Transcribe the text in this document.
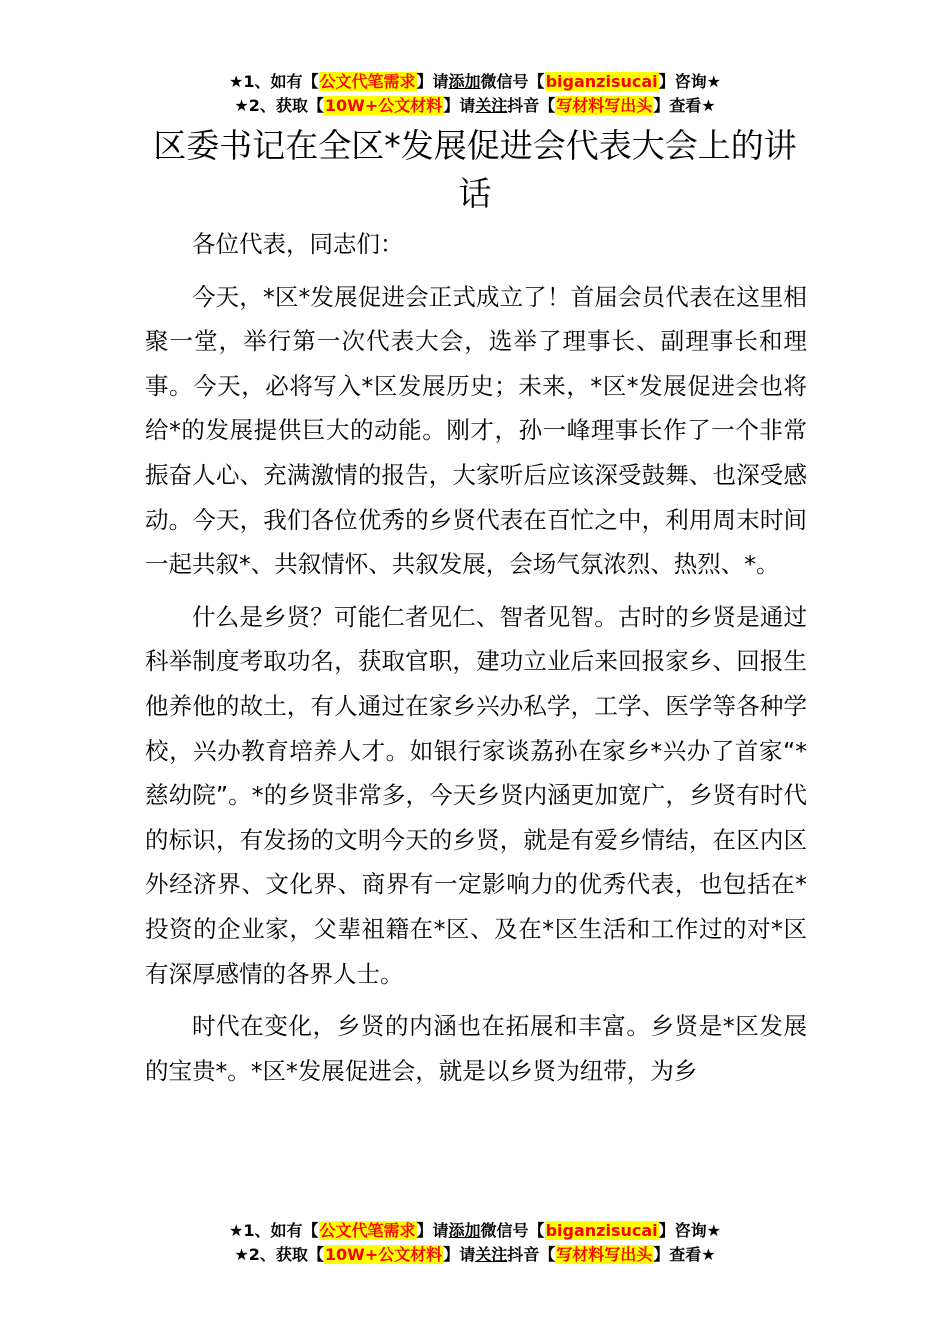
★1、如有【公文代笔需求】请添加微信号【biganzisucai】咨询★
★2、获取【10W+公文材料】请关注抖音【写材料写出头】查看★
区委书记在全区*发展促进会代表大会上的讲话

各位代表，同志们：

今天，*区*发展促进会正式成立了！首届会员代表在这里相聚一堂，举行第一次代表大会，选举了理事长、副理事长和理事。今天，必将写入*区发展历史；未来，*区*发展促进会也将给*的发展提供巨大的动能。刚才，孙一峰理事长作了一个非常振奋人心、充满激情的报告，大家听后应该深受鼓舞、也深受感动。今天，我们各位优秀的乡贤代表在百忙之中，利用周末时间一起共叙*、共叙情怀、共叙发展，会场气氛浓烈、热烈、*。

什么是乡贤？可能仁者见仁、智者见智。古时的乡贤是通过科举制度考取功名，获取官职，建功立业后来回报家乡、回报生他养他的故土，有人通过在家乡兴办私学，工学、医学等各种学校，兴办教育培养人才。如银行家谈荔孙在家乡*兴办了首家“*慈幼院”。*的乡贤非常多，今天乡贤内涵更加宽广，乡贤有时代的标识，有发扬的文明今天的乡贤，就是有爱乡情结，在区内区外经济界、文化界、商界有一定影响力的优秀代表，也包括在*投资的企业家，父辈祖籍在*区、及在*区生活和工作过的对*区有深厚感情的各界人士。

时代在变化，乡贤的内涵也在拓展和丰富。乡贤是*区发展的宝贵*。*区*发展促进会，就是以乡贤为纽带，为乡

★1、如有【公文代笔需求】请添加微信号【biganzisucai】咨询★
★2、获取【10W+公文材料】请关注抖音【写材料写出头】查看★
